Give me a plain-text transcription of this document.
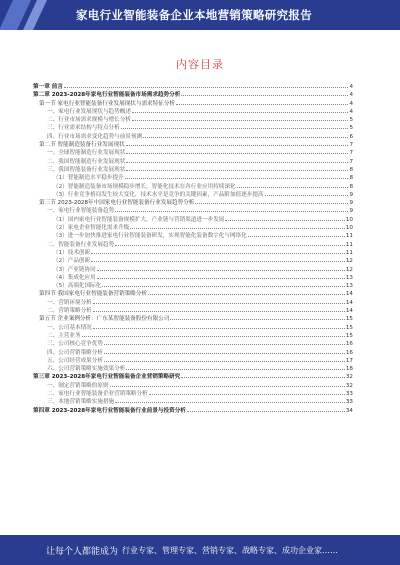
家电行业智能装备企业本地营销策略研究报告
内容目录
第一章 前言	4
第二章 2023-2028年家电行业智能装备市场需求趋势分析	4
第一节 家电行业智能装备行业发展现状与需求特征分析	4
一、家电行业发展现状与趋势概述	4
二、行业市场需求规模与增长分析	5
三、行业需求结构与特点分析	5
四、行业市场需求变化趋势与前景预测	6
第二节 智能制造装备行业发展现状	7
一、全球智能制造行业发展现状	7
二、我国智能制造行业发展现状	7
三、我国智能装备行业发展现状	8
（1）智能制造水平稳步提升	8
（2）智能制造装备市场规模稳步增长，智能化技术在各行业应用持续深化	8
（3）行业竞争格局发生较大变化，技术水平是竞争的关键因素，产品附加值逐步提高	9
第三节 2023-2028年中国家电行业智能装备行业发展趋势分析	9
一、家电行业智能装备趋势	9
（1）国内家电行业智能装备规模扩大，产业链与营销渠道进一步发展	10
（2）家电企业智能化需求升级	10
（3）进一步加快推进家电行业智能装备研发，实现智能化装备数字化与网络化	11
二、智能装备行业发展趋势	11
（1）技术创新	11
（2）产品创新	12
（3）产业链协同	12
（4）集成化应用	13
（5）高端化国际化	13
第四节 我国家电行业智能装备营销策略分析	14
一、营销环境分析	14
二、营销策略分析	14
第五节 企业案例分析：广东某智能装备股份有限公司	15
一、公司基本情况	15
二、主营业务	15
三、公司核心竞争优势	16
四、公司营销策略分析	16
五、公司经营成果分析	17
六、公司营销策略实施效果分析	18
第三章 2023-2028年家电行业智能装备企业营销策略研究	32
一、制定营销策略的原则	32
二、家电行业智能装备企业营销策略分析	33
三、本地营销策略实施措施	33
第四章 2023-2028年家电行业智能装备行业前景与投资分析	34
让每个人都能成为 行业专家、管理专家、营销专家、战略专家、成功企业家……
